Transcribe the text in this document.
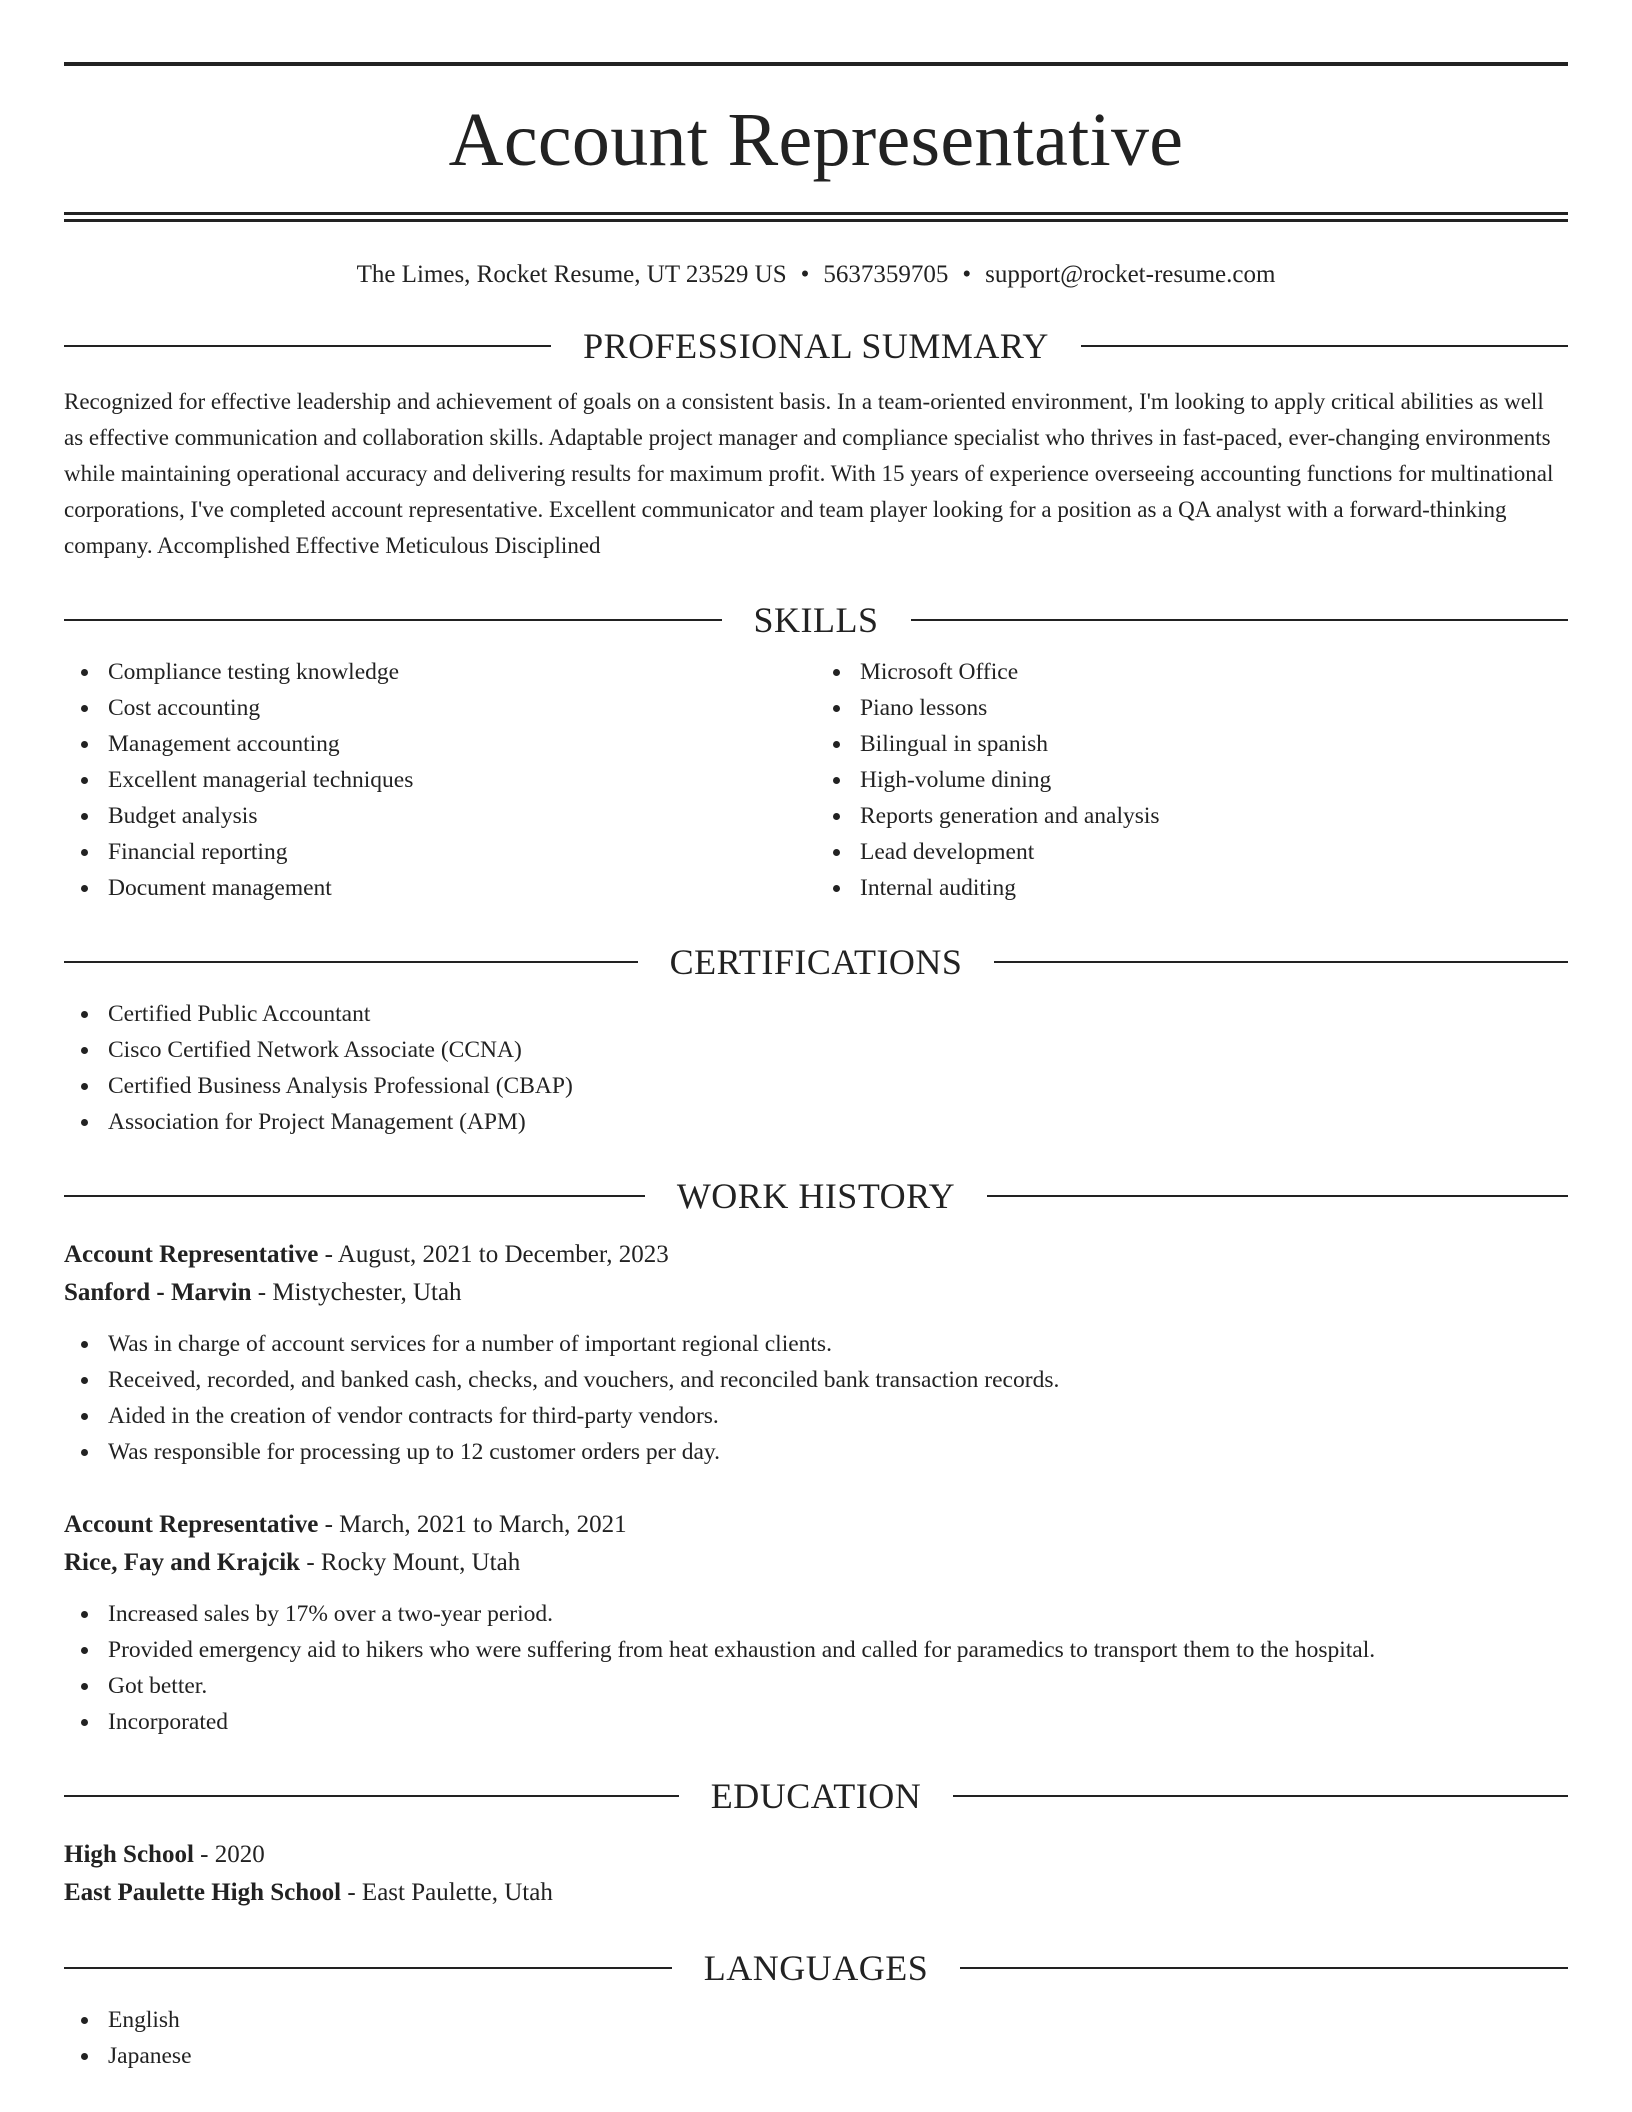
Account Representative
The Limes, Rocket Resume, UT 23529 US • 5637359705 • support@rocket-resume.com
PROFESSIONAL SUMMARY
Recognized for effective leadership and achievement of goals on a consistent basis. In a team-oriented environment, I'm looking to apply critical abilities as well as effective communication and collaboration skills. Adaptable project manager and compliance specialist who thrives in fast-paced, ever-changing environments while maintaining operational accuracy and delivering results for maximum profit. With 15 years of experience overseeing accounting functions for multinational corporations, I've completed account representative. Excellent communicator and team player looking for a position as a QA analyst with a forward-thinking company. Accomplished Effective Meticulous Disciplined
SKILLS
Compliance testing knowledge
Cost accounting
Management accounting
Excellent managerial techniques
Budget analysis
Financial reporting
Document management
Microsoft Office
Piano lessons
Bilingual in spanish
High-volume dining
Reports generation and analysis
Lead development
Internal auditing
CERTIFICATIONS
Certified Public Accountant
Cisco Certified Network Associate (CCNA)
Certified Business Analysis Professional (CBAP)
Association for Project Management (APM)
WORK HISTORY
Account Representative - August, 2021 to December, 2023
Sanford - Marvin - Mistychester, Utah
Was in charge of account services for a number of important regional clients.
Received, recorded, and banked cash, checks, and vouchers, and reconciled bank transaction records.
Aided in the creation of vendor contracts for third-party vendors.
Was responsible for processing up to 12 customer orders per day.
Account Representative - March, 2021 to March, 2021
Rice, Fay and Krajcik - Rocky Mount, Utah
Increased sales by 17% over a two-year period.
Provided emergency aid to hikers who were suffering from heat exhaustion and called for paramedics to transport them to the hospital.
Got better.
Incorporated
EDUCATION
High School - 2020
East Paulette High School - East Paulette, Utah
LANGUAGES
English
Japanese
